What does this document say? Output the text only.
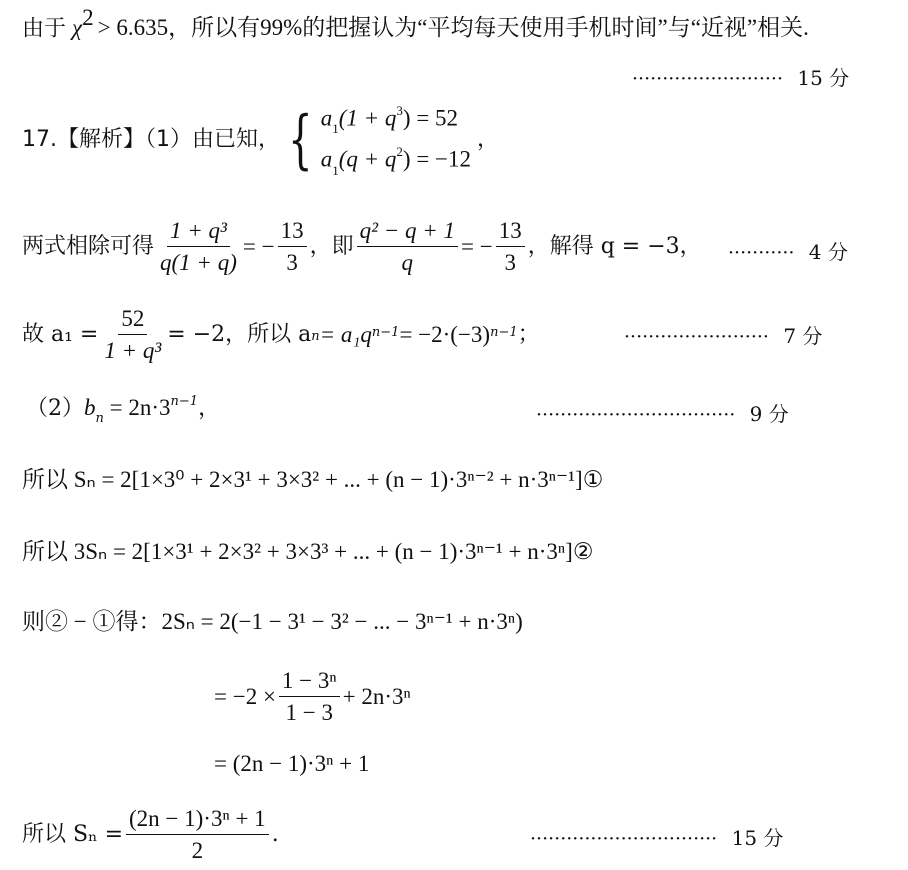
由于 $\chi^2 > 6.635$，所以有99%的把握认为“平均每天使用手机时间”与“近视”相关.
························· 15 分
17.【解析】（1）由已知， { $a_1(1 + q^3) = 52$
$a_1(q + q^2) = -12$
，
两式相除可得 $\frac{\text{1 + q³}}{q(1 + q)}$ = − $\frac{13}{3}$ ，即 $\frac{\text{q² − q + 1}}{q}$ = − $\frac{13}{3}$ ，解得 q = −3， ··········· 4 分
故 $a_1 = \frac{52}{\text{1 + q³}} = -2$，所以 $a_n = a_1q^{n-1} = -2\cdot(-3)^{n-1}$ ；	························ 7 分
$(2)b_n = 2n\cdot 3^{n-1}$，	································· 9 分
所以 Sₙ = 2[1×3⁰ + 2×3¹ + 3×3² + ... + (n − 1)·3ⁿ⁻² + n·3ⁿ⁻¹]①
所以 3Sₙ = 2[1×3¹ + 2×3² + 3×3³ + ... + (n − 1)·3ⁿ⁻¹ + n·3ⁿ]②
则② − ①得：2Sₙ = 2(−1 − 3¹ − 3² − ... − 3ⁿ⁻¹ + n·3ⁿ)
= $-2 \times \frac{\text{1 − 3ⁿ}}{1 - 3} + 2n\cdot 3^n$
= (2n − 1)·3ⁿ + 1
所以 $S_n = \frac{\text{(2n − 1)·3ⁿ + 1}}{2}$ .	······························· 15 分
